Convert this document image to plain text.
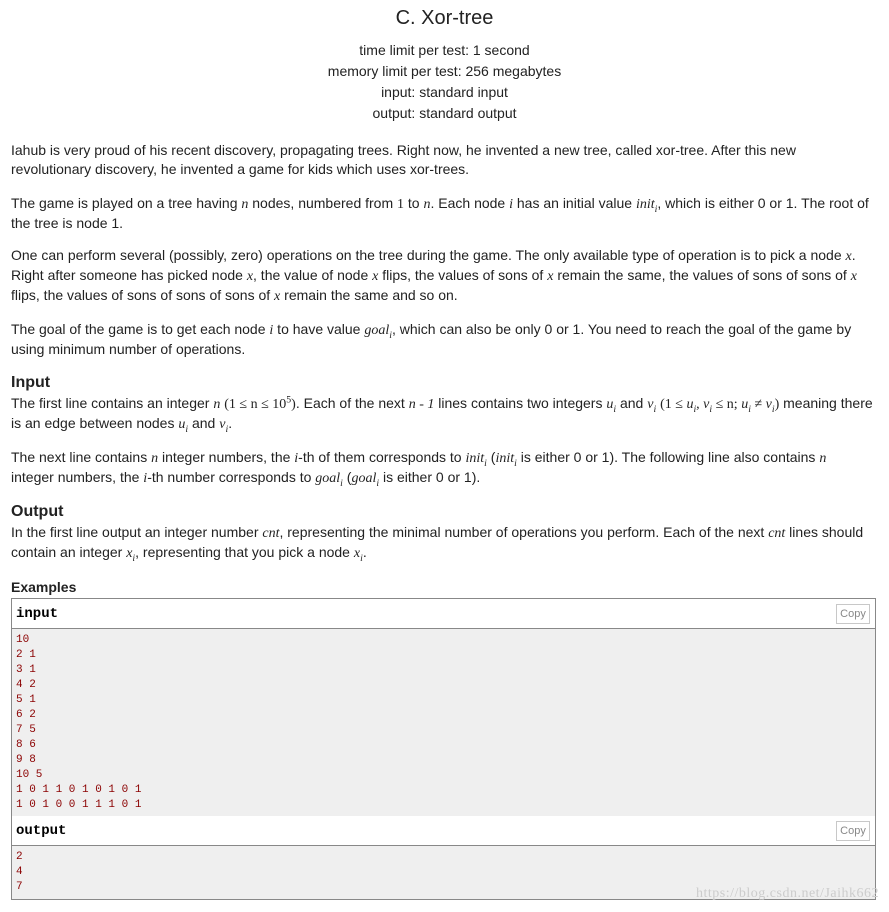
C. Xor-tree
time limit per test: 1 second
memory limit per test: 256 megabytes
input: standard input
output: standard output

Iahub is very proud of his recent discovery, propagating trees. Right now, he invented a new tree, called xor-tree. After this new revolutionary discovery, he invented a game for kids which uses xor-trees.

The game is played on a tree having n nodes, numbered from 1 to n. Each node i has an initial value init$_i$, which is either 0 or 1. The root of the tree is node 1.

One can perform several (possibly, zero) operations on the tree during the game. The only available type of operation is to pick a node x. Right after someone has picked node x, the value of node x flips, the values of sons of x remain the same, the values of sons of sons of x flips, the values of sons of sons of sons of x remain the same and so on.

The goal of the game is to get each node i to have value goal$_i$, which can also be only 0 or 1. You need to reach the goal of the game by using minimum number of operations.

Input

The first line contains an integer n $(1 \le n \le 10^5)$. Each of the next n - 1 lines contains two integers $u_i$ and $v_i$ ($1 \le u_i$, $v_i \le n$; $u_i \ne v_i$) meaning there is an edge between nodes $u_i$ and $v_i$.

The next line contains n integer numbers, the i-th of them corresponds to init$_i$ (init$_i$ is either 0 or 1). The following line also contains n integer numbers, the i-th number corresponds to goal$_i$ (goal$_i$ is either 0 or 1).

Output

In the first line output an integer number cnt, representing the minimal number of operations you perform. Each of the next cnt lines should contain an integer $x_i$, representing that you pick a node $x_i$.

Examples
input	Copy
10
2 1
3 1
4 2
5 1
6 2
7 5
8 6
9 8
10 5
1 0 1 1 0 1 0 1 0 1
1 0 1 0 0 1 1 1 0 1
output	Copy
2
4
7	https://blog.csdn.net/Jaihk662
